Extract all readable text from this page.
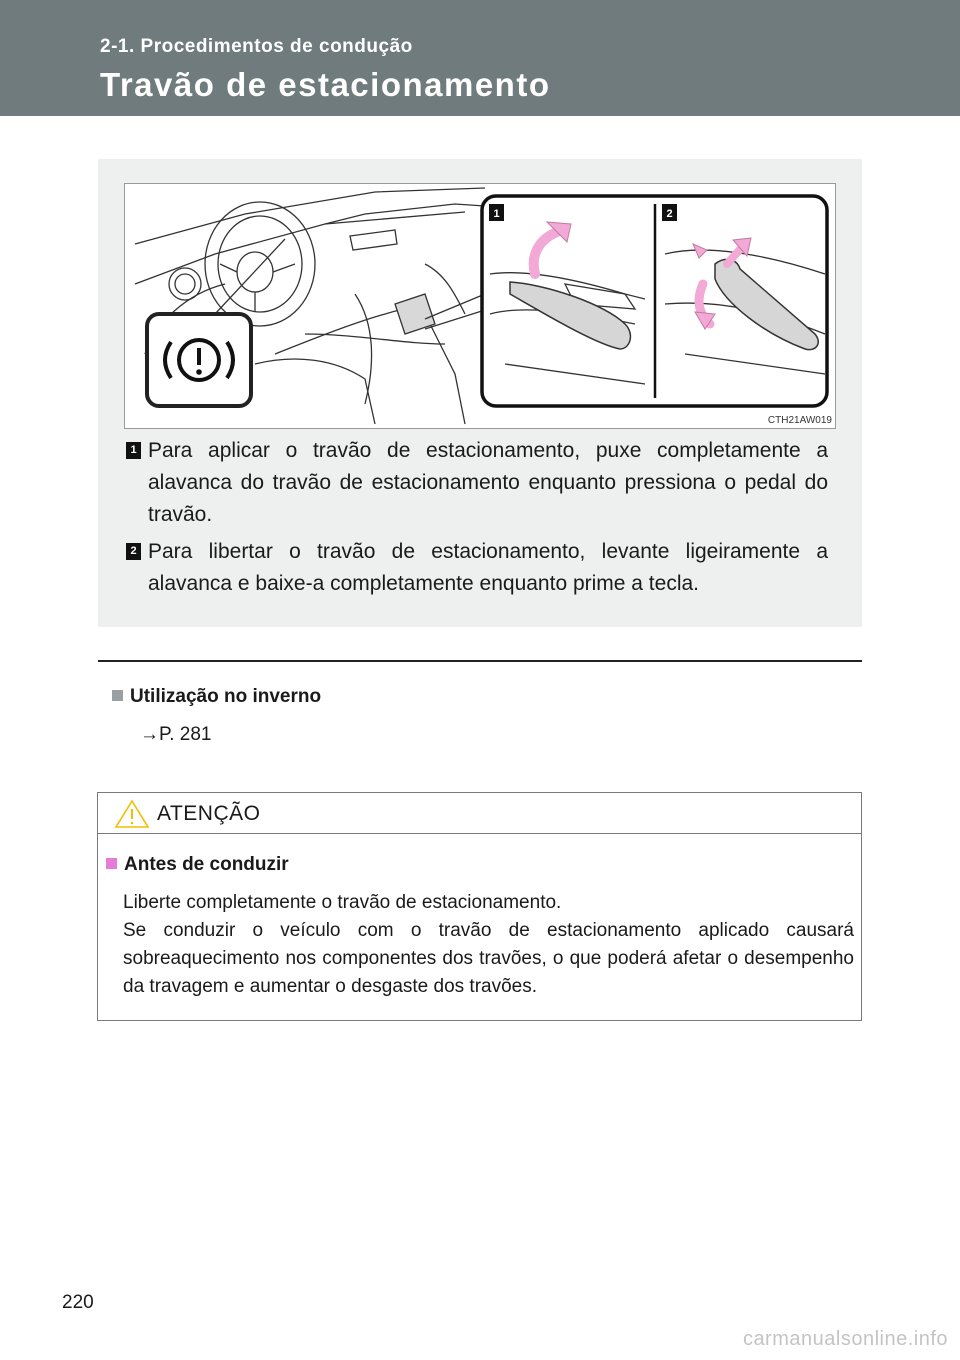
2-1. Procedimentos de condução
Travão de estacionamento
1	2
CTH21AW019
1 Para aplicar o travão de estacionamento, puxe completamente a alavanca do travão de estacionamento enquanto pressiona o pedal do travão.
2 Para libertar o travão de estacionamento, levante ligeiramente a alavanca e baixe-a completamente enquanto prime a tecla.
Utilização no inverno
→P. 281
ATENÇÃO
Antes de conduzir

Liberte completamente o travão de estacionamento.

Se conduzir o veículo com o travão de estacionamento aplicado causará sobreaquecimento nos componentes dos travões, o que poderá afetar o desempenho da travagem e aumentar o desgaste dos travões.

220
carmanualsonline.info
